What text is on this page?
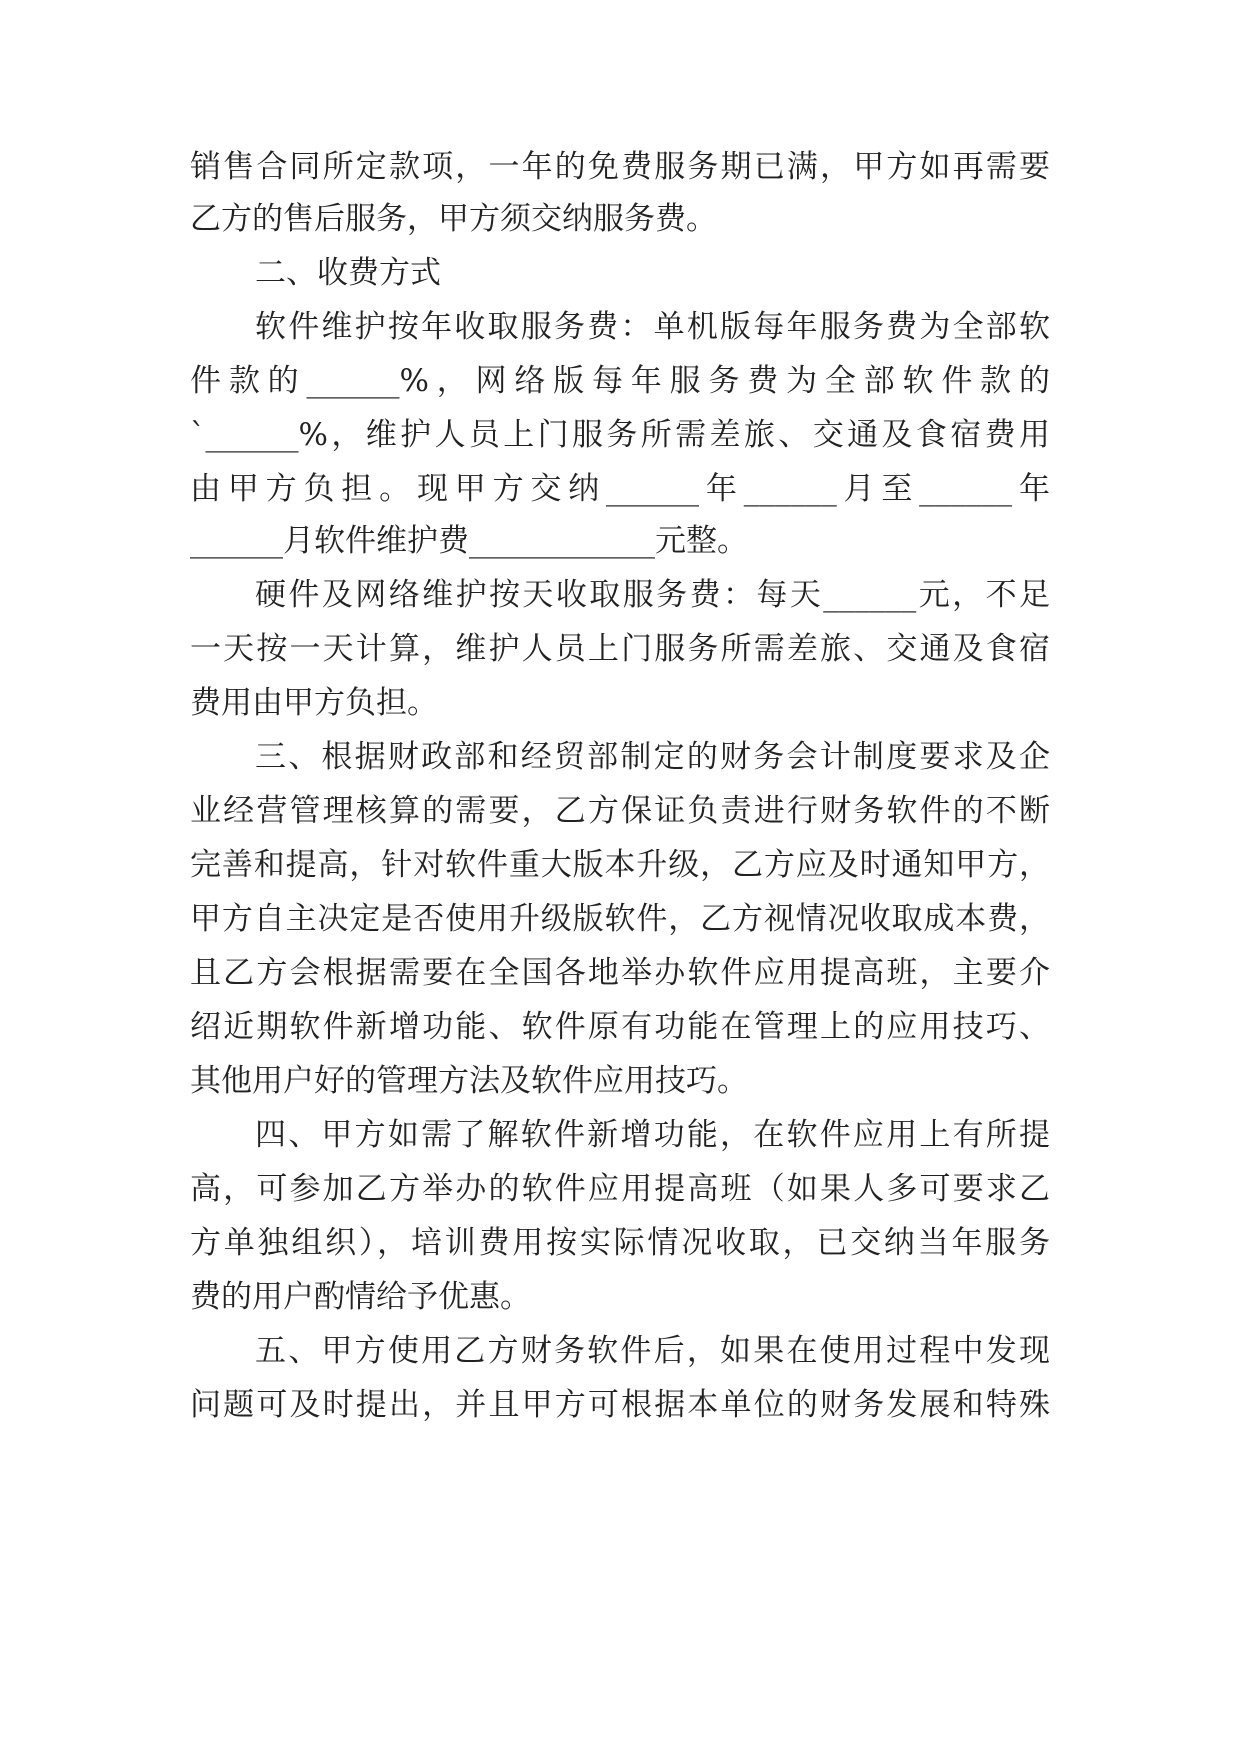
销售合同所定款项，一年的免费服务期已满，甲方如再需要
乙方的售后服务，甲方须交纳服务费。
二、收费方式
软件维护按年收取服务费：单机版每年服务费为全部软
件款的______%，网络版每年服务费为全部软件款的
`______%，维护人员上门服务所需差旅、交通及食宿费用
由甲方负担。现甲方交纳______年______月至______年
______月软件维护费____________元整。
硬件及网络维护按天收取服务费：每天______元，不足
一天按一天计算，维护人员上门服务所需差旅、交通及食宿
费用由甲方负担。
三、根据财政部和经贸部制定的财务会计制度要求及企
业经营管理核算的需要，乙方保证负责进行财务软件的不断
完善和提高，针对软件重大版本升级，乙方应及时通知甲方，
甲方自主决定是否使用升级版软件，乙方视情况收取成本费，
且乙方会根据需要在全国各地举办软件应用提高班，主要介
绍近期软件新增功能、软件原有功能在管理上的应用技巧、
其他用户好的管理方法及软件应用技巧。
四、甲方如需了解软件新增功能，在软件应用上有所提
高，可参加乙方举办的软件应用提高班（如果人多可要求乙
方单独组织），培训费用按实际情况收取，已交纳当年服务
费的用户酌情给予优惠。
五、甲方使用乙方财务软件后，如果在使用过程中发现
问题可及时提出，并且甲方可根据本单位的财务发展和特殊
